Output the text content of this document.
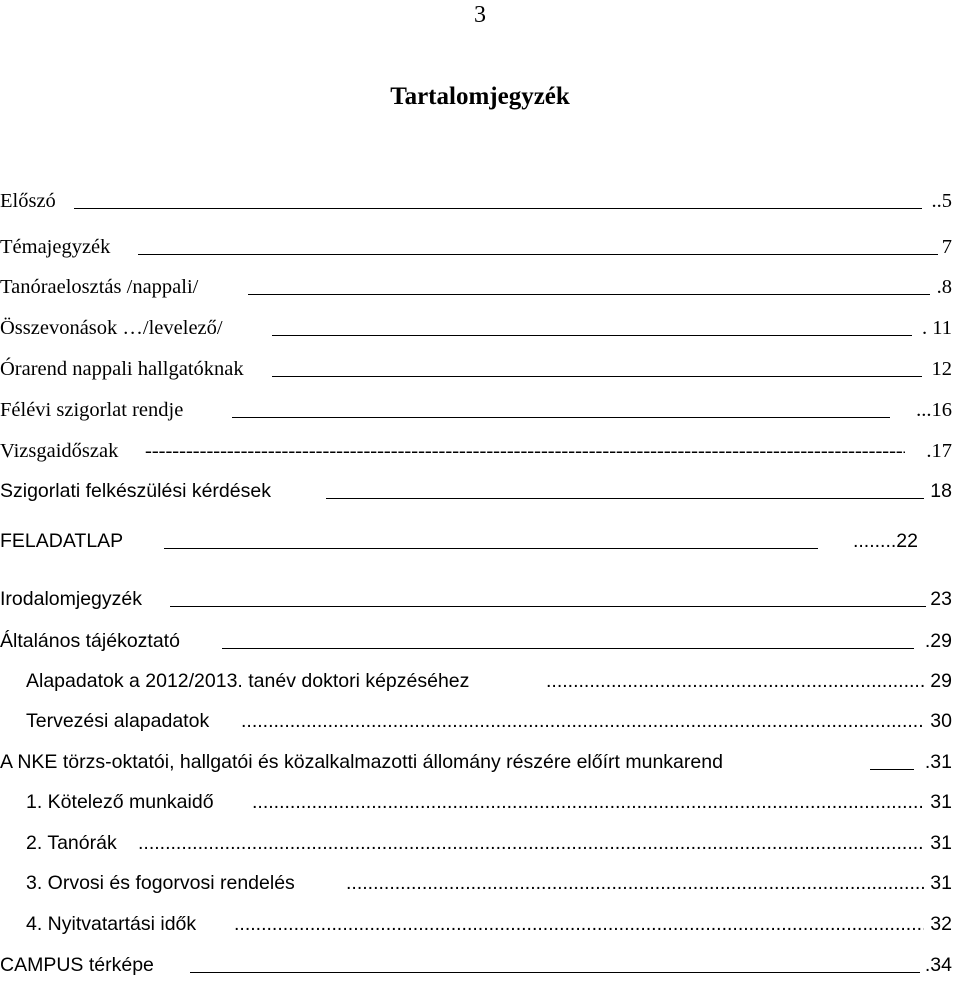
3
Tartalomjegyzék
Előszó	..5
Témajegyzék	7
Tanóraelosztás /nappali/	.8
Összevonások …/levelező/	. 11
Órarend nappali hallgatóknak	12
Félévi szigorlat rendje	...16
Vizsgaidőszak -----	.17
Szigorlati felkészülési kérdések	18
FELADATLAP	........22
Irodalomjegyzék	23
Általános tájékoztató	.29
Alapadatok a 2012/2013. tanév doktori képzéséhez .....	29
Tervezési alapadatok .....	30
A NKE törzs-oktatói, hallgatói és közalkalmazotti állomány részére előírt munkarend	.31
1. Kötelező munkaidő .....	31
2. Tanórák .....	31
3. Orvosi és fogorvosi rendelés .....	31
4. Nyitvatartási idők .....	32
CAMPUS térképe	.34
